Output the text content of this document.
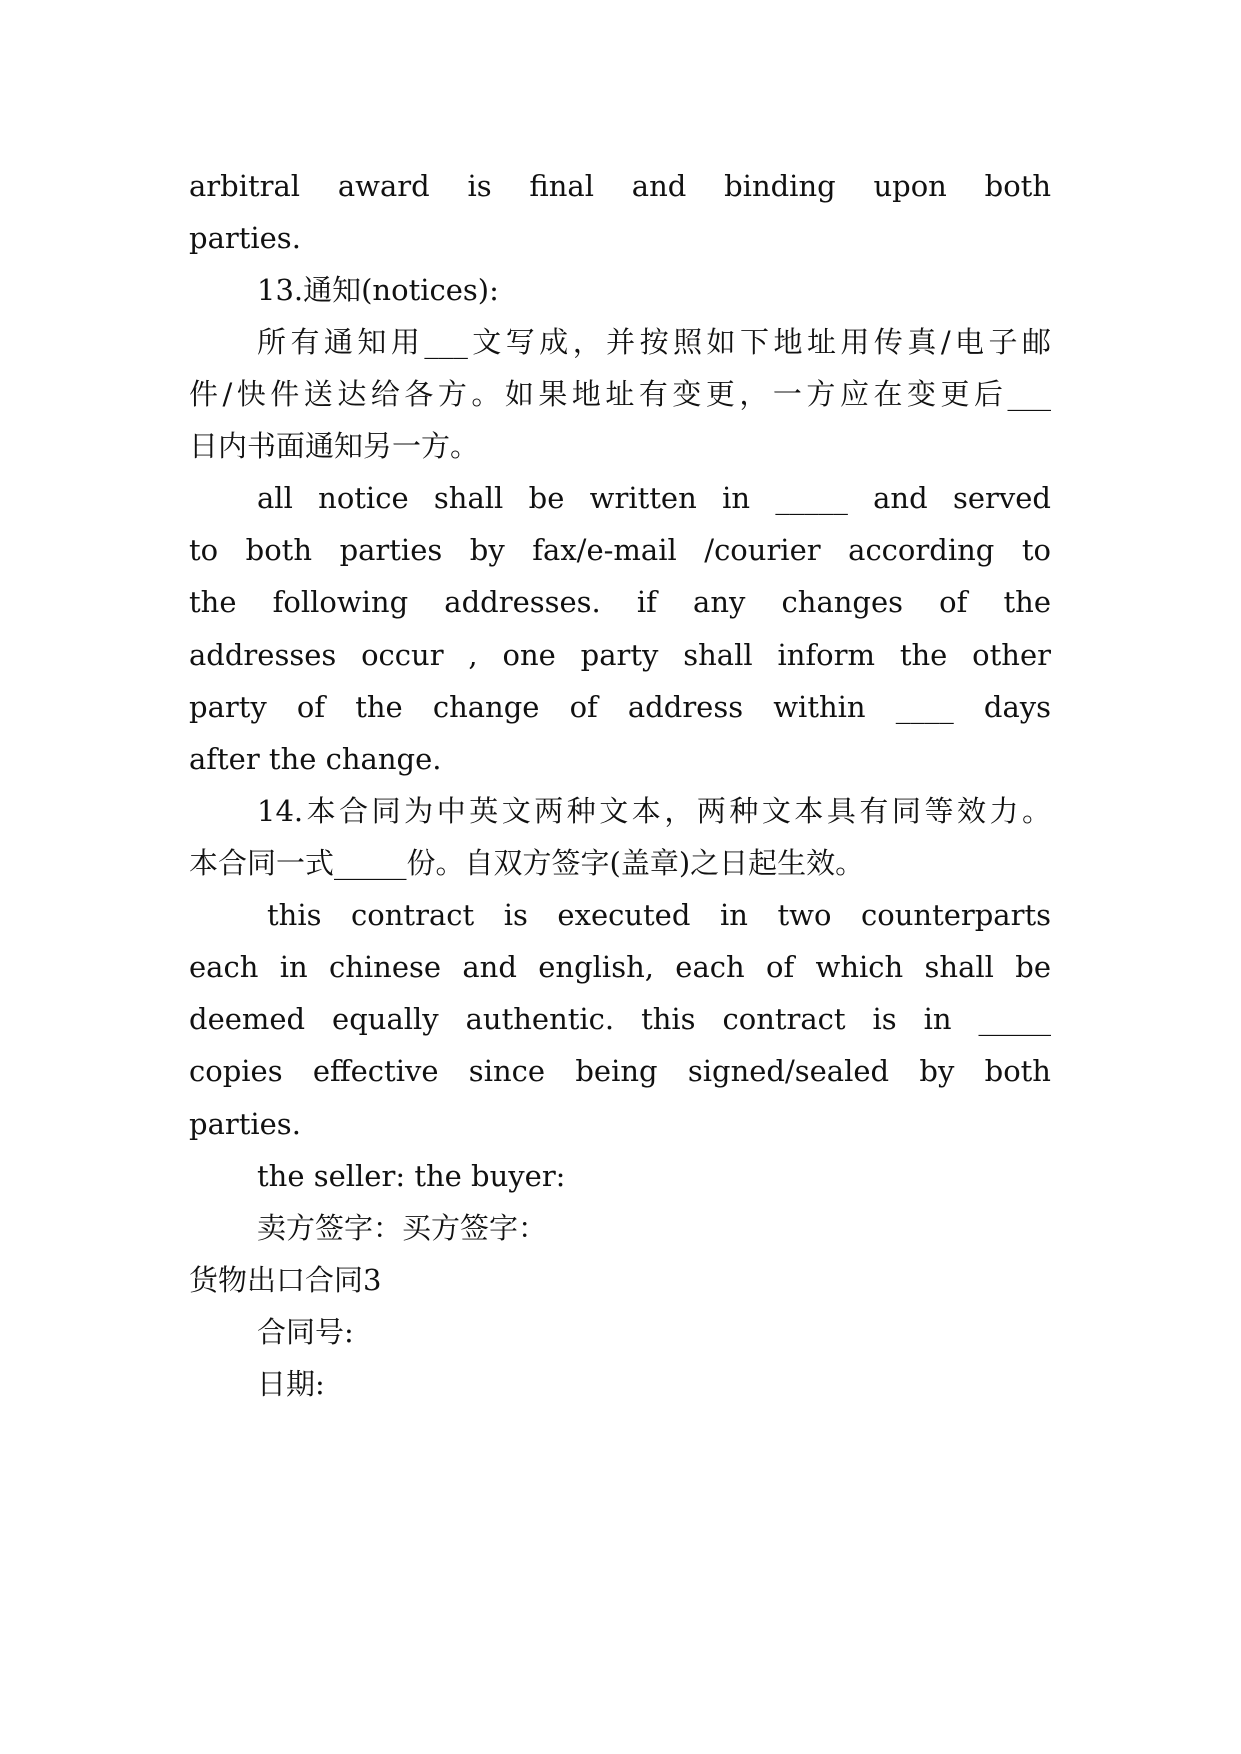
arbitral award is final and binding upon both
parties.
13.通知(notices):
所有通知用___文写成，并按照如下地址用传真/电子邮
件/快件送达给各方。如果地址有变更，一方应在变更后___
日内书面通知另一方。
all notice shall be written in _____ and served
to both parties by fax/e-mail /courier according to
the following addresses. if any changes of the
addresses occur , one party shall inform the other
party of the change of address within ____ days
after the change.
14.本合同为中英文两种文本，两种文本具有同等效力。
本合同一式_____份。自双方签字(盖章)之日起生效。
this contract is executed in two counterparts
each in chinese and english, each of which shall be
deemed equally authentic. this contract is in _____
copies effective since being signed/sealed by both
parties.
the seller: the buyer:
卖方签字：买方签字：
货物出口合同3
合同号:
日期:
